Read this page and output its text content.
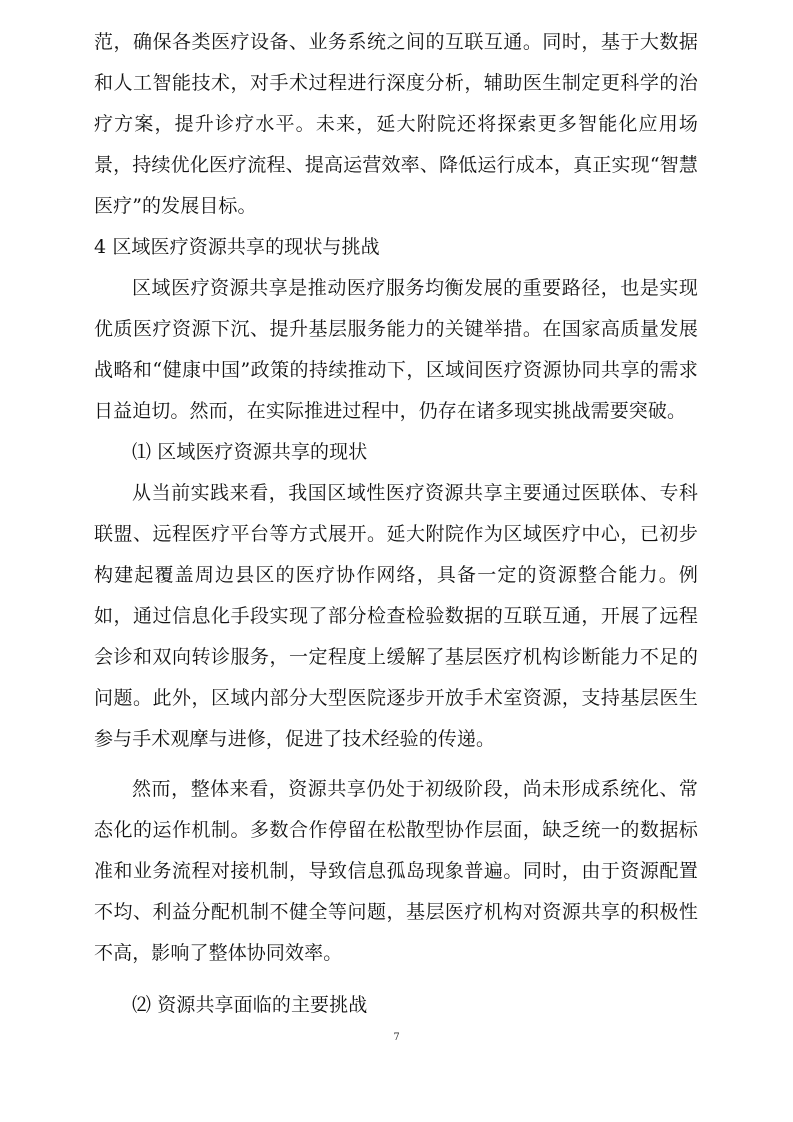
范，确保各类医疗设备、业务系统之间的互联互通。同时，基于大数据和人工智能技术，对手术过程进行深度分析，辅助医生制定更科学的治疗方案，提升诊疗水平。未来，延大附院还将探索更多智能化应用场景，持续优化医疗流程、提高运营效率、降低运行成本，真正实现“智慧医疗”的发展目标。

4 区域医疗资源共享的现状与挑战

区域医疗资源共享是推动医疗服务均衡发展的重要路径，也是实现优质医疗资源下沉、提升基层服务能力的关键举措。在国家高质量发展战略和“健康中国”政策的持续推动下，区域间医疗资源协同共享的需求日益迫切。然而，在实际推进过程中，仍存在诸多现实挑战需要突破。

⑴ 区域医疗资源共享的现状

从当前实践来看，我国区域性医疗资源共享主要通过医联体、专科联盟、远程医疗平台等方式展开。延大附院作为区域医疗中心，已初步构建起覆盖周边县区的医疗协作网络，具备一定的资源整合能力。例如，通过信息化手段实现了部分检查检验数据的互联互通，开展了远程会诊和双向转诊服务，一定程度上缓解了基层医疗机构诊断能力不足的问题。此外，区域内部分大型医院逐步开放手术室资源，支持基层医生参与手术观摩与进修，促进了技术经验的传递。

然而，整体来看，资源共享仍处于初级阶段，尚未形成系统化、常态化的运作机制。多数合作停留在松散型协作层面，缺乏统一的数据标准和业务流程对接机制，导致信息孤岛现象普遍。同时，由于资源配置不均、利益分配机制不健全等问题，基层医疗机构对资源共享的积极性不高，影响了整体协同效率。

⑵ 资源共享面临的主要挑战

7
